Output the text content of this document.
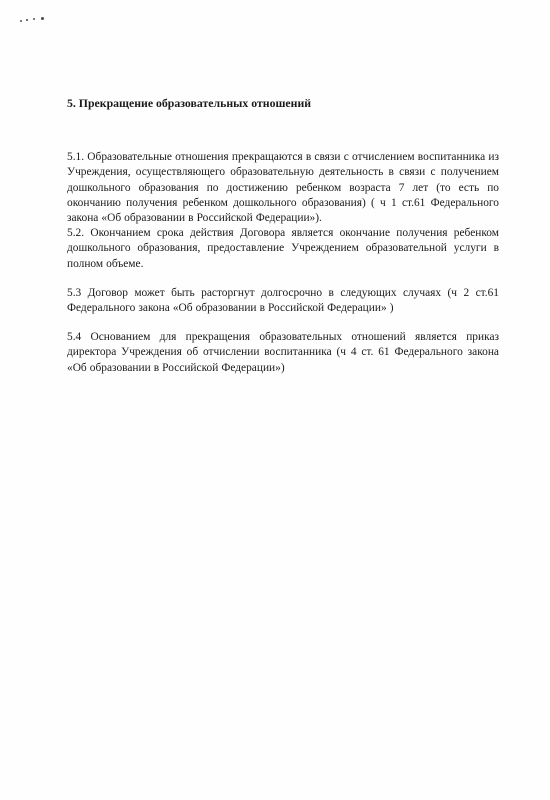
5. Прекращение образовательных отношений

5.1. Образовательные отношения прекращаются в связи с отчислением воспитанника из Учреждения, осуществляющего образовательную деятельность в связи с получением дошкольного образования по достижению ребенком возраста 7 лет (то есть по окончанию получения ребенком дошкольного образования) ( ч 1 ст.61 Федерального закона «Об образовании в Российской Федерации»).

5.2. Окончанием срока действия Договора является окончание получения ребенком дошкольного образования, предоставление Учреждением образовательной услуги в полном объеме.

5.3 Договор может быть расторгнут долгосрочно в следующих случаях (ч 2 ст.61 Федерального закона «Об образовании в Российской Федерации» )

5.4 Основанием для прекращения образовательных отношений является приказ директора Учреждения об отчислении воспитанника (ч 4 ст. 61 Федерального закона «Об образовании в Российской Федерации»)
